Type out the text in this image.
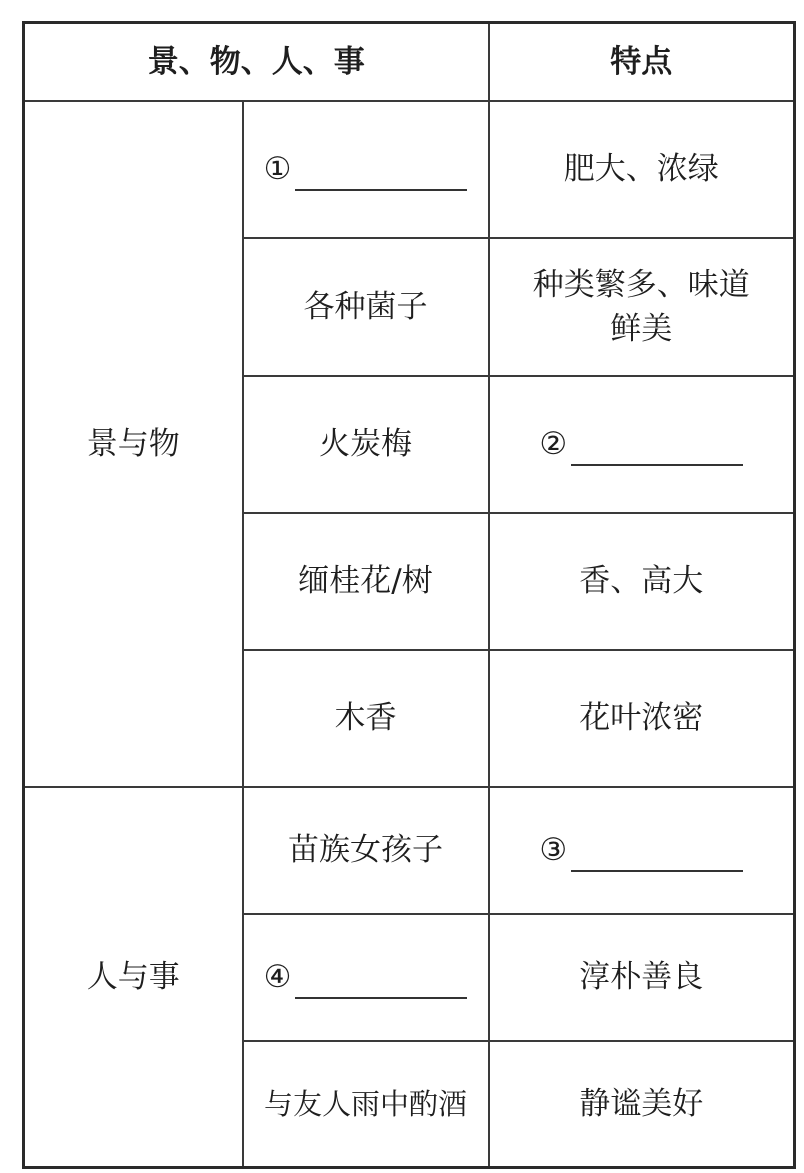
景、物、人、事		特点
景与物	①	肥大、浓绿
	各种菌子	种类繁多、味道
鲜美

	火炭梅	②

	缅桂花/树	香、高大
	木香	花叶浓密
人与事	苗族女孩子	③

	④	淳朴善良
	与友人雨中酌酒	静谧美好
